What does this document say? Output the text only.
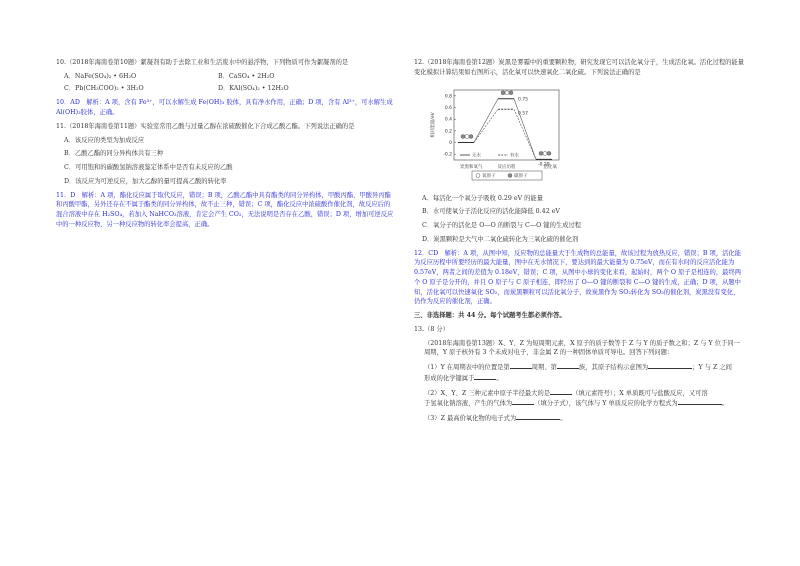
10.（2018年海南卷第10题）絮凝剂有助于去除工业和生活废水中的悬浮物，下列物质可作为絮凝剂的是

A．NaFe(SO₄)₂ • 6H₂O	B．CaSO₄ • 2H₂O
C．Pb(CH₃COO)₂ • 3H₂O	D．KAl(SO₄)₂ • 12H₂O

10．AD　解析：A 项，含有 Fe³⁺，可以水解生成 Fe(OH)₃ 胶体，具有净水作用，正确；D 项，含有 Al³⁺，可水解生成 Al(OH)₃胶体，正确。

11.（2018年海南卷第11题）实验室常用乙酸与过量乙醇在浓硫酸催化下合成乙酸乙酯。下列说法正确的是

A．该反应的类型为加成反应

B．乙酸乙酯的同分异构体共有三种

C．可用饱和的碳酸氢钠溶液鉴定体系中是否有未反应的乙酸

D．该反应为可逆反应，加大乙醇的量可提高乙酸的转化率

11．D　解析：A 项，酯化反应属于取代反应，错误；B 项，乙酸乙酯中具有酯类的同分异构体，甲酸丙酯、甲酸异丙酯和丙酸甲酯，另外还存在不属于酯类的同分异构体，故不止三种，错误；C 项，酯化反应中浓硫酸作催化剂，故反应后的混合溶液中存在 H₂SO₄，若加入 NaHCO₃溶液，肯定会产生 CO₂，无法说明是否存在乙酸，错误；D 项，增加可逆反应中的一种反应物，另一种反应物的转化率会提高，正确。

12.（2018年海南卷第12题）炭黑是雾霾中的重要颗粒物，研究发现它可以活化氧分子，生成活化氧。活化过程的能量变化模拟计算结果如右图所示，活化氧可以快速氧化二氧化硫。下列说法正确的是

相对能量/eV
0.8
0.6
0.4
0.2
0
-0.2
0.75
0.57
-0.29
无水	有水
炭黑和氧气	活化氧
反应历程
氧原子	碳原子

A．每活化一个氧分子吸收 0.29 eV 的能量

B．水可使氧分子活化反应的活化能降低 0.42 eV

C．氧分子的活化是 O—O 的断裂与 C—O 键的生成过程

D．炭黑颗粒是大气中二氧化硫转化为三氧化硫的催化剂

12．CD　解析：A 项，从图中知，反应物的总能量大于生成物的总能量，故该过程为放热反应，错误；B 项，活化能为反应历程中所要经历的最大能量，图中在无水情况下，要达到的最大能量为 0.75eV，而在有水时的反应活化能为 0.57eV，两者之间的差值为 0.18eV，错误；C 项，从图中小球的变化来看，起始时，两个 O 原子是相连的，最终两个 O 原子是分开的，并且 O 原子与 C 原子相连，即经历了 O—O 键的断裂和 C—O 键的生成，正确；D 项，从题中知，活化氧可以快速氧化 SO₂，而炭黑颗粒可以活化氧分子，故炭黑作为 SO₂转化为 SO₃的催化剂，炭黑没有变化，仍作为反应的催化剂，正确。

三、非选择题：共 44 分。每个试题考生都必须作答。

13.（8 分）

（2018年海南卷第13题）X、Y、Z 为短周期元素，X 原子的质子数等于 Z 与 Y 的质子数之和；Z 与 Y 位于同一周期，Y 原子核外有 3 个未成对电子，非金属 Z 的一种固体单质可导电。回答下列问题：

（1）Y 在周期表中的位置是第	周期、第	族，其原子结构示意图为	；Y 与 Z 之间
形成的化学键属于	。

（2）X、Y、Z 三种元素中原子半径最大的是	（填元素符号）；X 单质既可与盐酸反应，又可溶
于氢氧化钠溶液，产生的气体为	（填分子式），该气体与 Y 单质反应的化学方程式为	。

（3）Z 最高价氧化物的电子式为	。
